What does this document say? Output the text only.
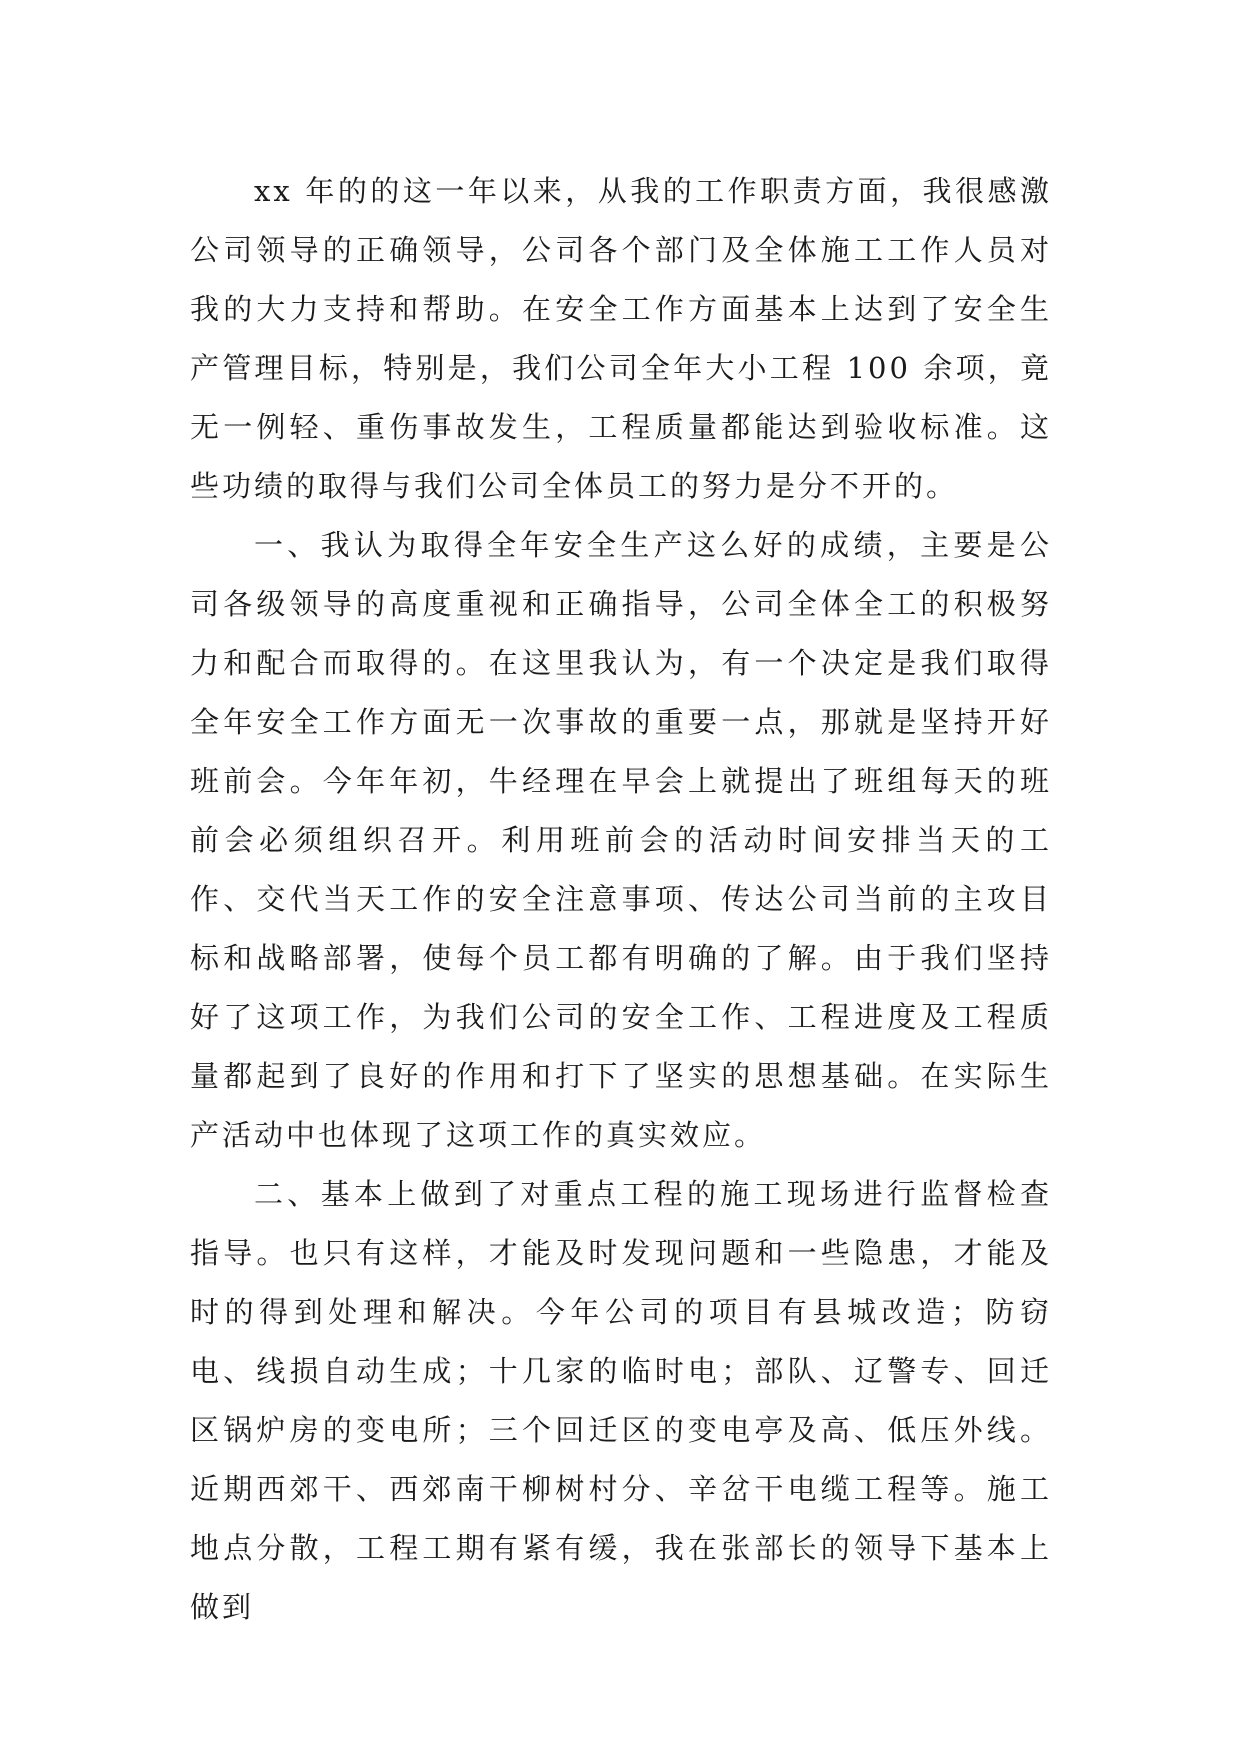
xx 年的的这一年以来，从我的工作职责方面，我很感激公司领导的正确领导，公司各个部门及全体施工工作人员对我的大力支持和帮助。在安全工作方面基本上达到了安全生产管理目标，特别是，我们公司全年大小工程 100 余项，竟无一例轻、重伤事故发生，工程质量都能达到验收标准。这些功绩的取得与我们公司全体员工的努力是分不开的。

一、我认为取得全年安全生产这么好的成绩，主要是公司各级领导的高度重视和正确指导，公司全体全工的积极努力和配合而取得的。在这里我认为，有一个决定是我们取得全年安全工作方面无一次事故的重要一点，那就是坚持开好班前会。今年年初，牛经理在早会上就提出了班组每天的班前会必须组织召开。利用班前会的活动时间安排当天的工作、交代当天工作的安全注意事项、传达公司当前的主攻目标和战略部署，使每个员工都有明确的了解。由于我们坚持好了这项工作，为我们公司的安全工作、工程进度及工程质量都起到了良好的作用和打下了坚实的思想基础。在实际生产活动中也体现了这项工作的真实效应。

二、基本上做到了对重点工程的施工现场进行监督检查指导。也只有这样，才能及时发现问题和一些隐患，才能及时的得到处理和解决。今年公司的项目有县城改造；防窃电、线损自动生成；十几家的临时电；部队、辽警专、回迁区锅炉房的变电所；三个回迁区的变电亭及高、低压外线。近期西郊干、西郊南干柳树村分、辛岔干电缆工程等。施工地点分散，工程工期有紧有缓，我在张部长的领导下基本上做到
